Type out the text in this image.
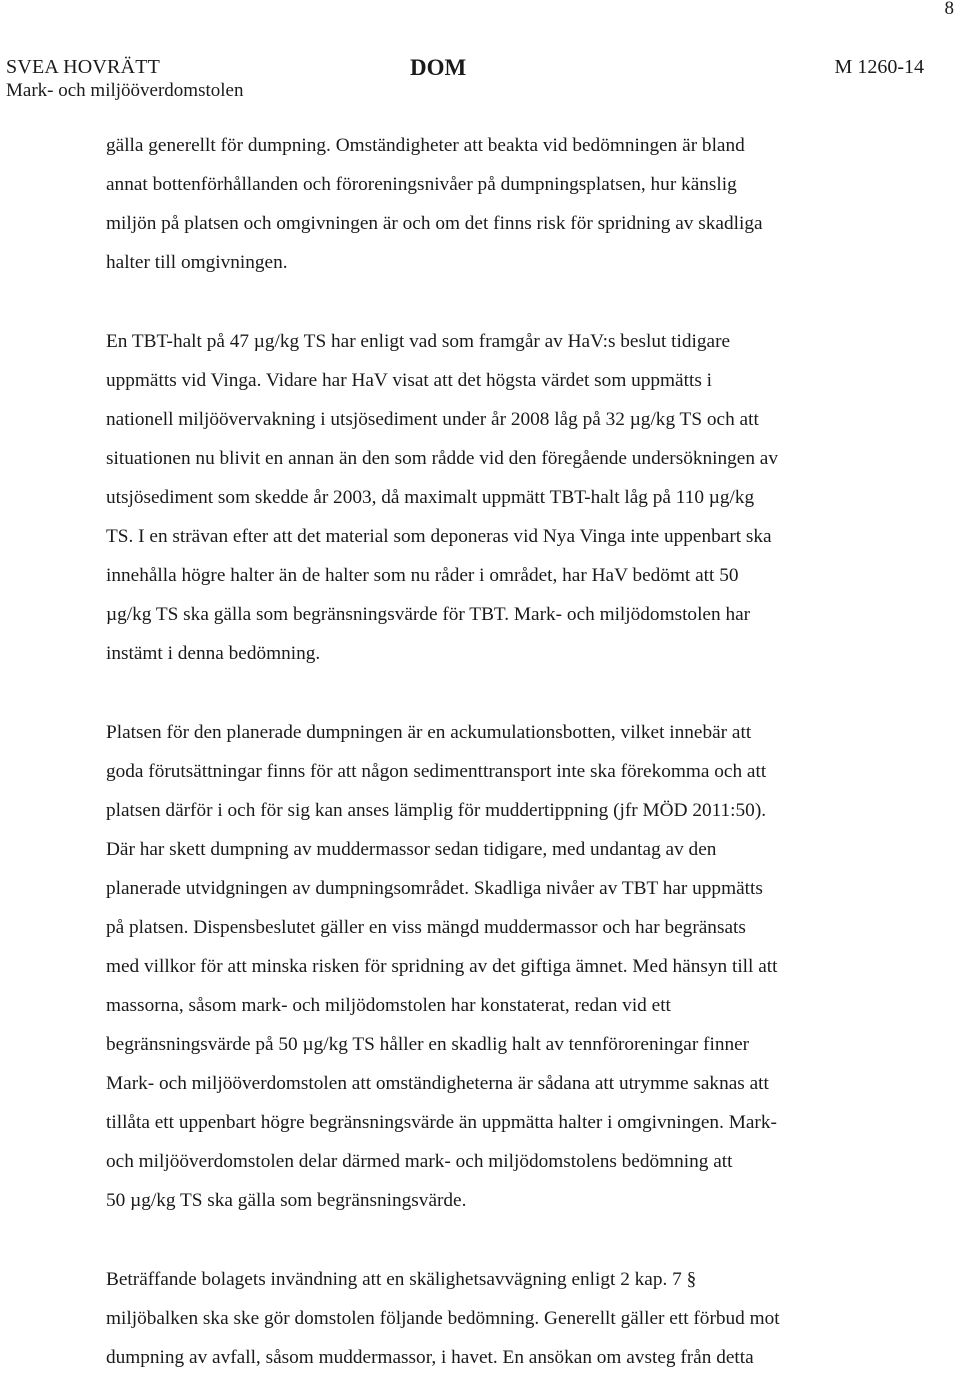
8
SVEA HOVRÄTT
Mark- och miljööverdomstolen
DOM	M 1260-14

gälla generellt för dumpning. Omständigheter att beakta vid bedömningen är bland
annat bottenförhållanden och föroreningsnivåer på dumpningsplatsen, hur känslig
miljön på platsen och omgivningen är och om det finns risk för spridning av skadliga
halter till omgivningen.

En TBT-halt på 47 µg/kg TS har enligt vad som framgår av HaV:s beslut tidigare
uppmätts vid Vinga. Vidare har HaV visat att det högsta värdet som uppmätts i
nationell miljöövervakning i utsjösediment under år 2008 låg på 32 µg/kg TS och att
situationen nu blivit en annan än den som rådde vid den föregående undersökningen av
utsjösediment som skedde år 2003, då maximalt uppmätt TBT-halt låg på 110 µg/kg
TS. I en strävan efter att det material som deponeras vid Nya Vinga inte uppenbart ska
innehålla högre halter än de halter som nu råder i området, har HaV bedömt att 50
µg/kg TS ska gälla som begränsningsvärde för TBT. Mark- och miljödomstolen har
instämt i denna bedömning.

Platsen för den planerade dumpningen är en ackumulationsbotten, vilket innebär att
goda förutsättningar finns för att någon sedimenttransport inte ska förekomma och att
platsen därför i och för sig kan anses lämplig för muddertippning (jfr MÖD 2011:50).
Där har skett dumpning av muddermassor sedan tidigare, med undantag av den
planerade utvidgningen av dumpningsområdet. Skadliga nivåer av TBT har uppmätts
på platsen. Dispensbeslutet gäller en viss mängd muddermassor och har begränsats
med villkor för att minska risken för spridning av det giftiga ämnet. Med hänsyn till att
massorna, såsom mark- och miljödomstolen har konstaterat, redan vid ett
begränsningsvärde på 50 µg/kg TS håller en skadlig halt av tennföroreningar finner
Mark- och miljööverdomstolen att omständigheterna är sådana att utrymme saknas att
tillåta ett uppenbart högre begränsningsvärde än uppmätta halter i omgivningen. Mark-
och miljööverdomstolen delar därmed mark- och miljödomstolens bedömning att
50 µg/kg TS ska gälla som begränsningsvärde.

Beträffande bolagets invändning att en skälighetsavvägning enligt 2 kap. 7 §
miljöbalken ska ske gör domstolen följande bedömning. Generellt gäller ett förbud mot
dumpning av avfall, såsom muddermassor, i havet. En ansökan om avsteg från detta
